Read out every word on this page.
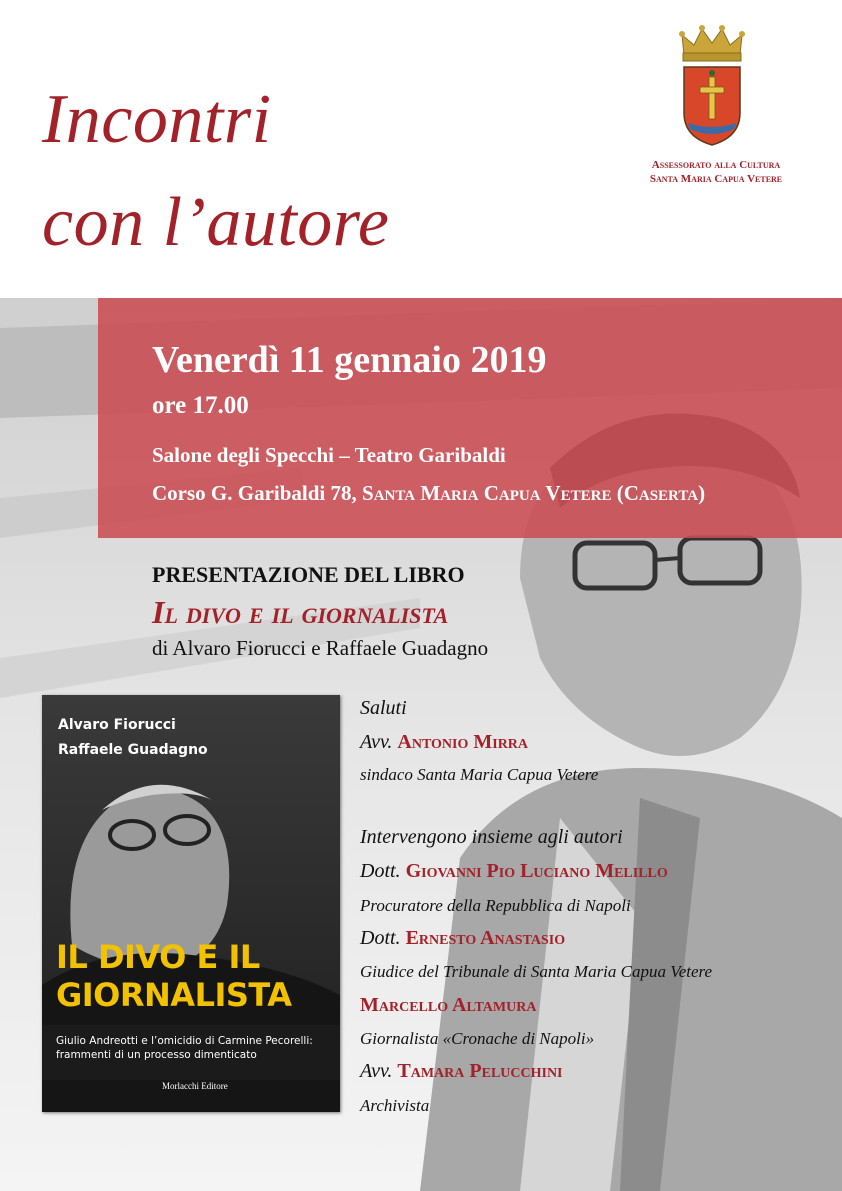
Incontri
con l’autore
Assessorato alla Cultura
Santa Maria Capua Vetere
Venerdì 11 gennaio 2019
ore 17.00
Salone degli Specchi – Teatro Garibaldi
Corso G. Garibaldi 78, Santa Maria Capua Vetere (Caserta)
PRESENTAZIONE DEL LIBRO
Il divo e il giornalista
di Alvaro Fiorucci e Raffaele Guadagno
Alvaro Fiorucci
Raffaele Guadagno
IL DIVO E IL
GIORNALISTA
Giulio Andreotti e l’omicidio di Carmine Pecorelli:
frammenti di un processo dimenticato
Morlacchi Editore
Saluti
Avv. Antonio Mirra
sindaco Santa Maria Capua Vetere
Intervengono insieme agli autori
Dott. Giovanni Pio Luciano Melillo
Procuratore della Repubblica di Napoli
Dott. Ernesto Anastasio
Giudice del Tribunale di Santa Maria Capua Vetere
Marcello Altamura
Giornalista «Cronache di Napoli»
Avv. Tamara Pelucchini
Archivista
